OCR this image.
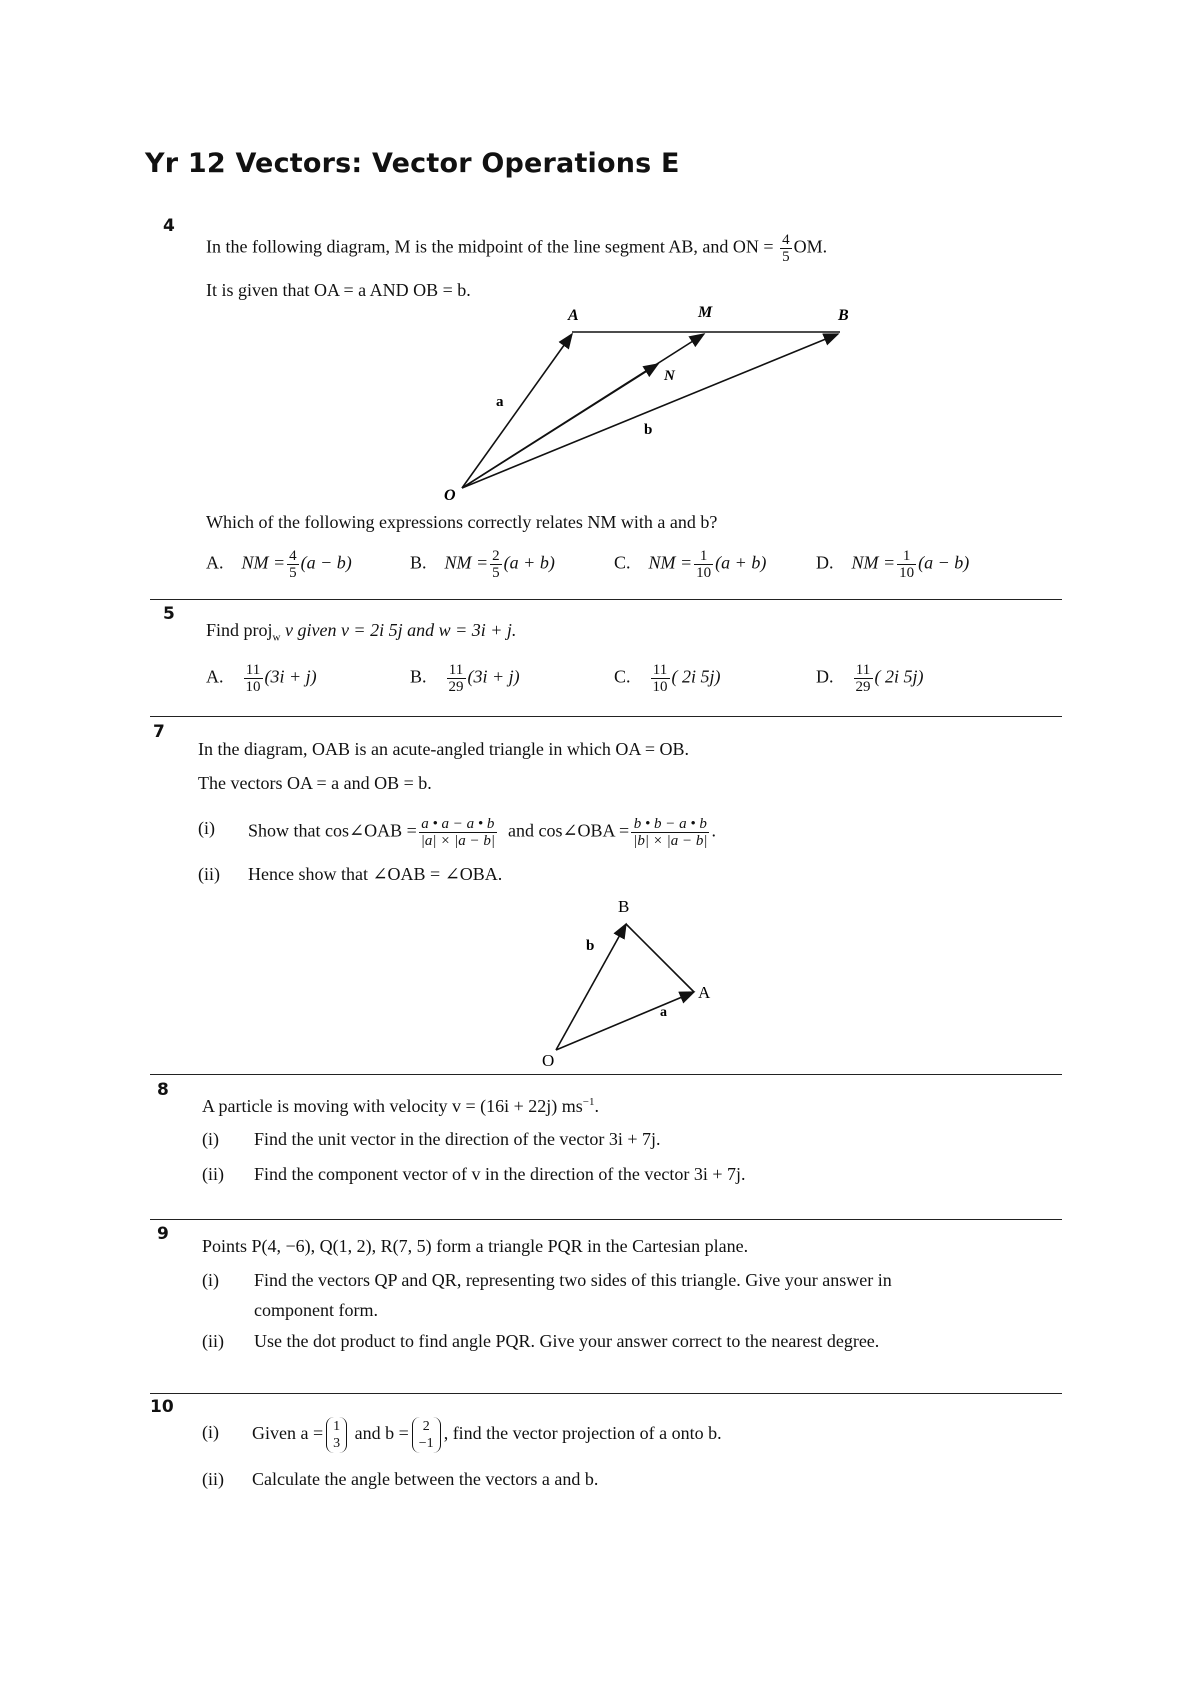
Yr 12 Vectors: Vector Operations E
4
In the following diagram, M is the midpoint of the line segment AB, and ON = $\frac{4}{5}$ OM.
It is given that OA = a AND OB = b.
A	M	B
N
O
a
b
Which of the following expressions correctly relates NM with a and b?
A. NM = $\frac{4}{5} (a - b)$	B. NM = $\frac{2}{5} (a + b)$	C. NM = $\frac{1}{10} (a + b)$	D. NM = $\frac{1}{10} (a - b)$
5
Find proj$_w$ v given v = 2i 5j and w = 3i + j.
A. $\frac{11}{10} (3i + j)$	B. $\frac{11}{29} (3i + j)$	C. $\frac{11}{10}$ ( 2i 5j)	D. $\frac{11}{29}$ ( 2i 5j)
7
In the diagram, OAB is an acute-angled triangle in which OA = OB.
The vectors OA = a and OB = b.
(i) Show that cos∠OAB = $\frac{a • a - a • b}{|a| \times |a - b|}$ and cos∠OBA = $\frac{b • b - a • b}{|b| \times |a - b|}$ .
(ii) Hence show that ∠OAB = ∠OBA.
B
b
A
a
O
8
A particle is moving with velocity v = (16i + 22j) $ms^{-1}$.
(i) Find the unit vector in the direction of the vector 3i + 7j.
(ii) Find the component vector of v in the direction of the vector 3i + 7j.
9
Points P(4, −6), Q(1, 2), R(7, 5) form a triangle PQR in the Cartesian plane.
(i) Find the vectors QP and QR, representing two sides of this triangle. Give your answer in
component form.
(ii) Use the dot product to find angle PQR. Give your answer correct to the nearest degree.
10
(i) Given a = 1
3
and b = 2
−1
, find the vector projection of a onto b.
(ii) Calculate the angle between the vectors a and b.
